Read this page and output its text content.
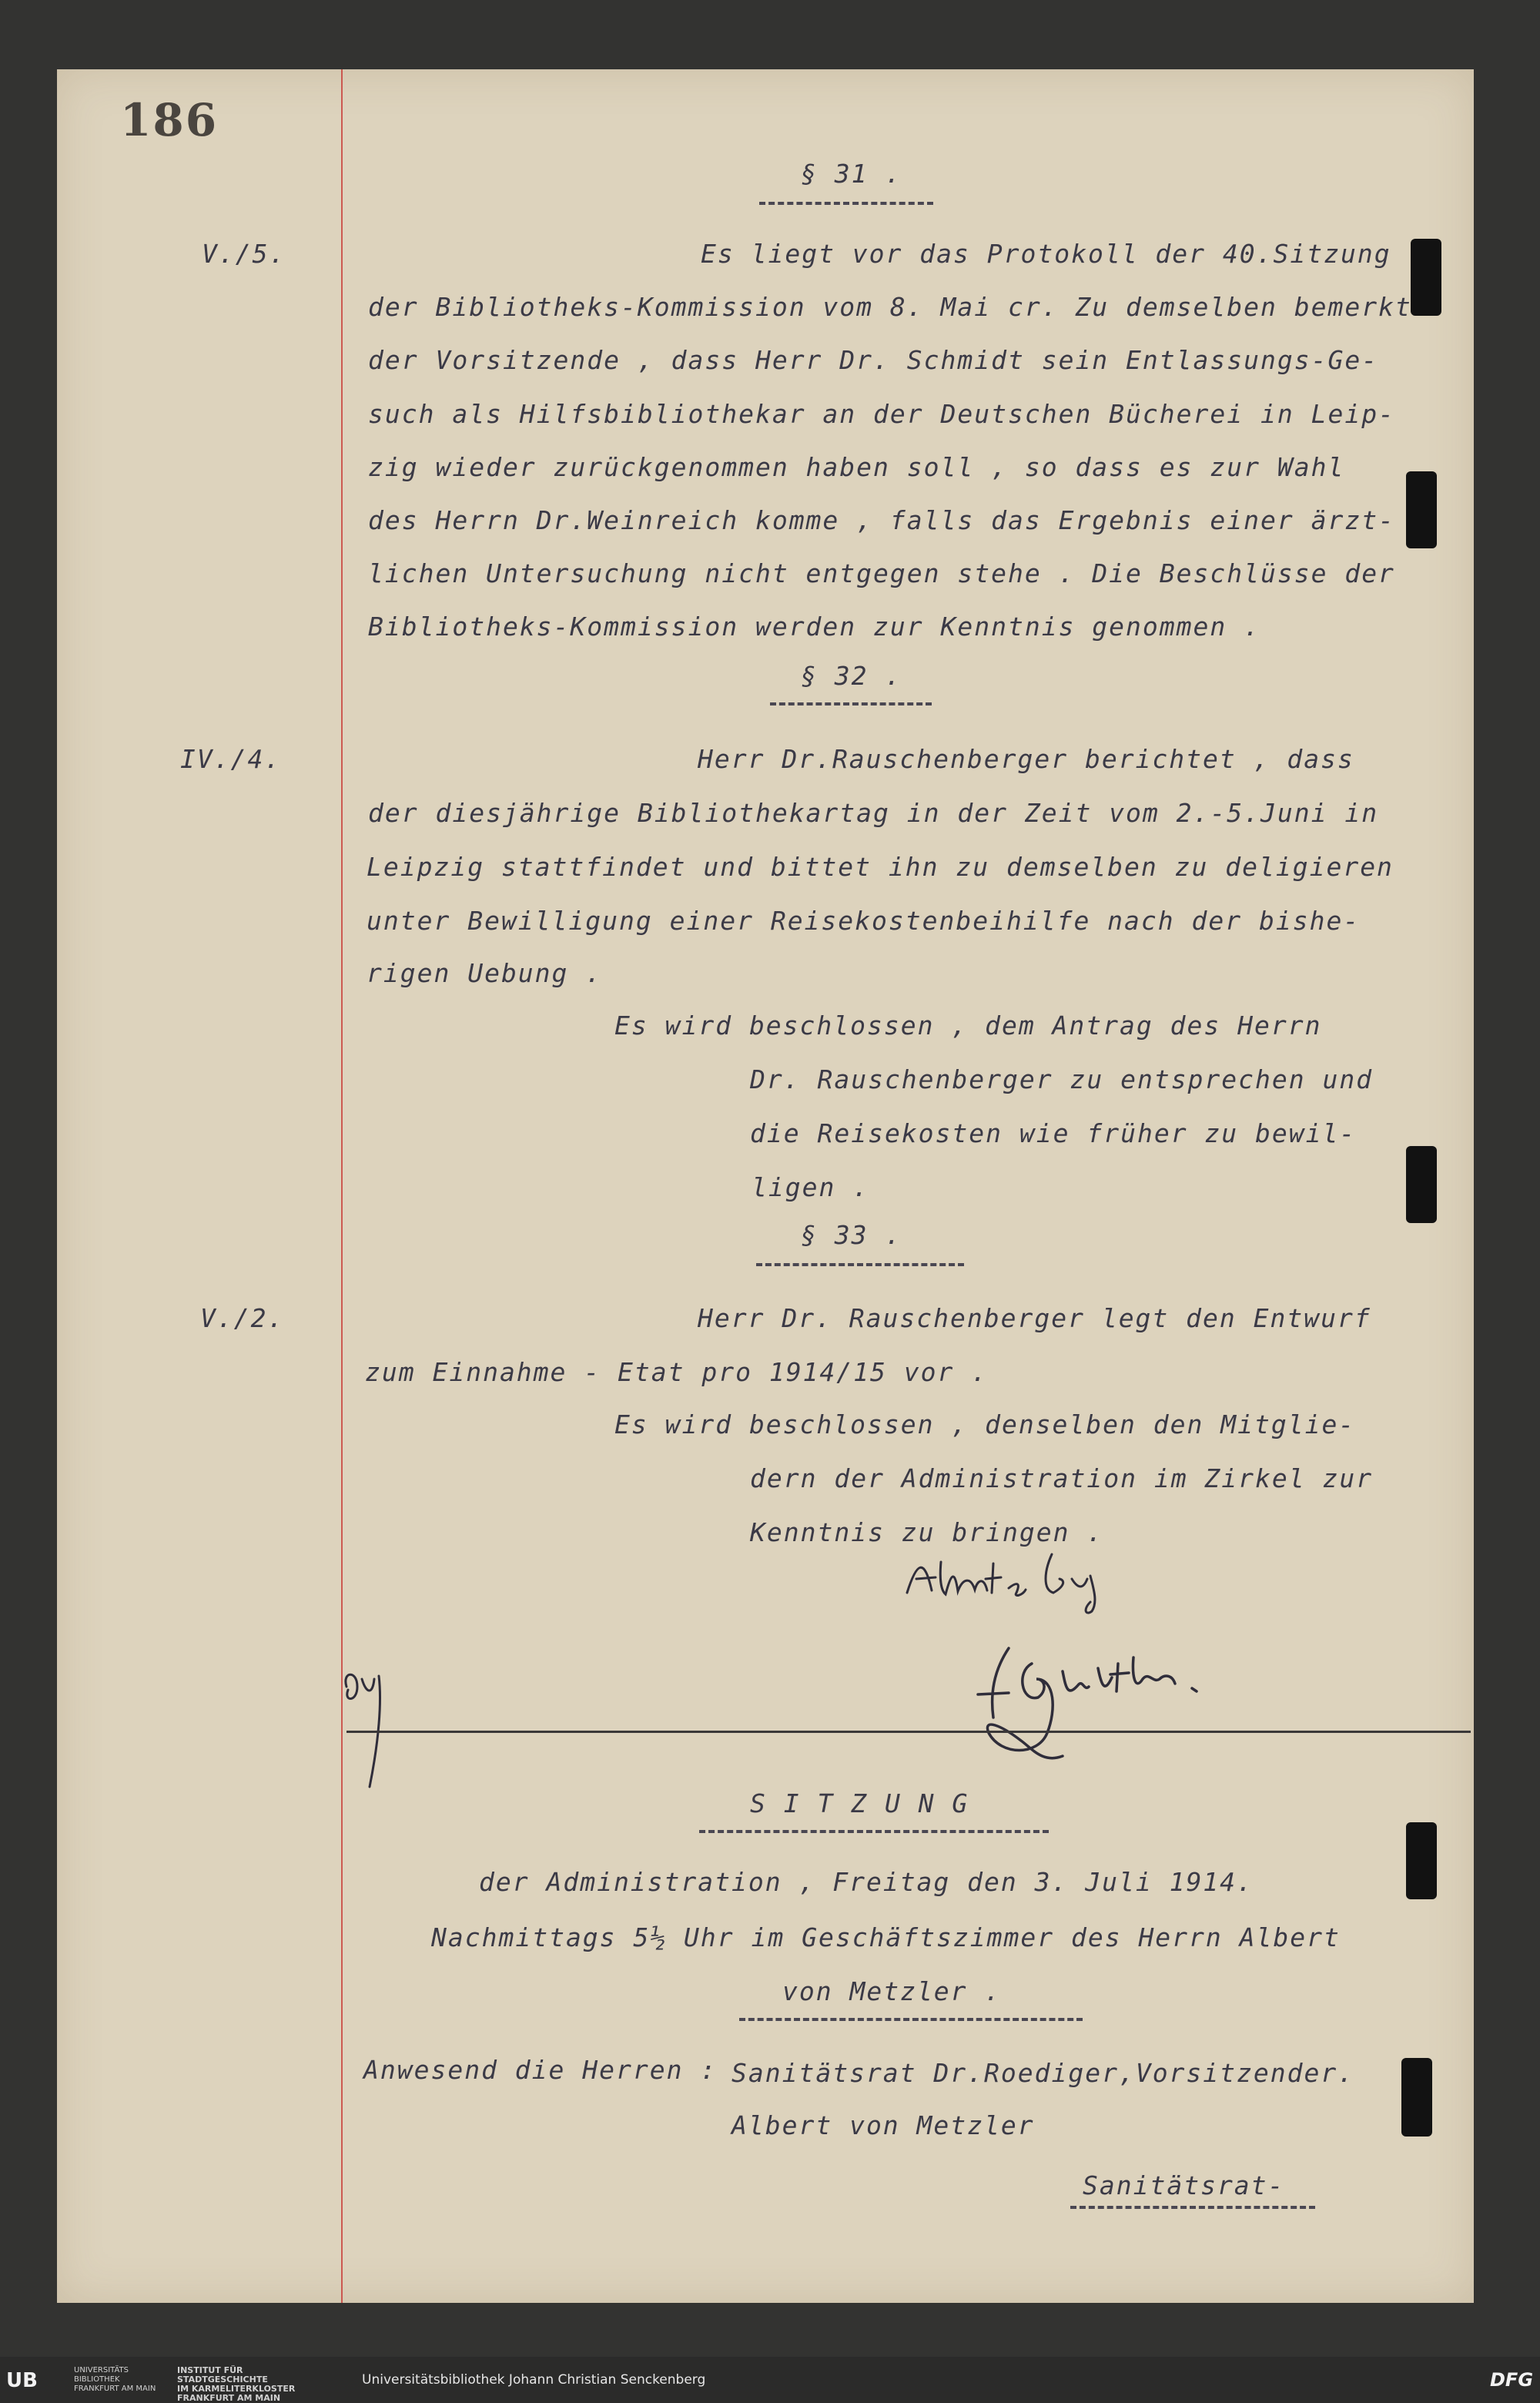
186
§ 31 .
V./5.	Es liegt vor das Protokoll der 40.Sitzung
der Bibliotheks-Kommission vom 8. Mai cr. Zu demselben bemerkt
der Vorsitzende , dass Herr Dr. Schmidt sein Entlassungs-Ge-
such als Hilfsbibliothekar an der Deutschen Bücherei in Leip-
zig wieder zurückgenommen haben soll , so dass es zur Wahl
des Herrn Dr.Weinreich komme , falls das Ergebnis einer ärzt-
lichen Untersuchung nicht entgegen stehe . Die Beschlüsse der
Bibliotheks-Kommission werden zur Kenntnis genommen .
§ 32 .
IV./4.	Herr Dr.Rauschenberger berichtet , dass
der diesjährige Bibliothekartag in der Zeit vom 2.-5.Juni in
Leipzig stattfindet und bittet ihn zu demselben zu deligieren
unter Bewilligung einer Reisekostenbeihilfe nach der bishe-
rigen Uebung .
Es wird beschlossen , dem Antrag des Herrn
Dr. Rauschenberger zu entsprechen und
die Reisekosten wie früher zu bewil-
ligen .
§ 33 .
V./2.	Herr Dr. Rauschenberger legt den Entwurf
zum Einnahme - Etat pro 1914/15 vor .
Es wird beschlossen , denselben den Mitglie-
dern der Administration im Zirkel zur
Kenntnis zu bringen .
S I T Z U N G
der Administration , Freitag den 3. Juli 1914.
Nachmittags 5½ Uhr im Geschäftszimmer des Herrn Albert
von Metzler .
Anwesend die Herren : Sanitätsrat Dr.Roediger,Vorsitzender.
Albert von Metzler
Sanitätsrat-
UB	UNIVERSITÄTS
BIBLIOTHEK
FRANKFURT AM MAIN
INSTITUT FÜR
STADTGESCHICHTE
IM KARMELITERKLOSTER
FRANKFURT AM MAIN
Universitätsbibliothek Johann Christian Senckenberg	DFG
